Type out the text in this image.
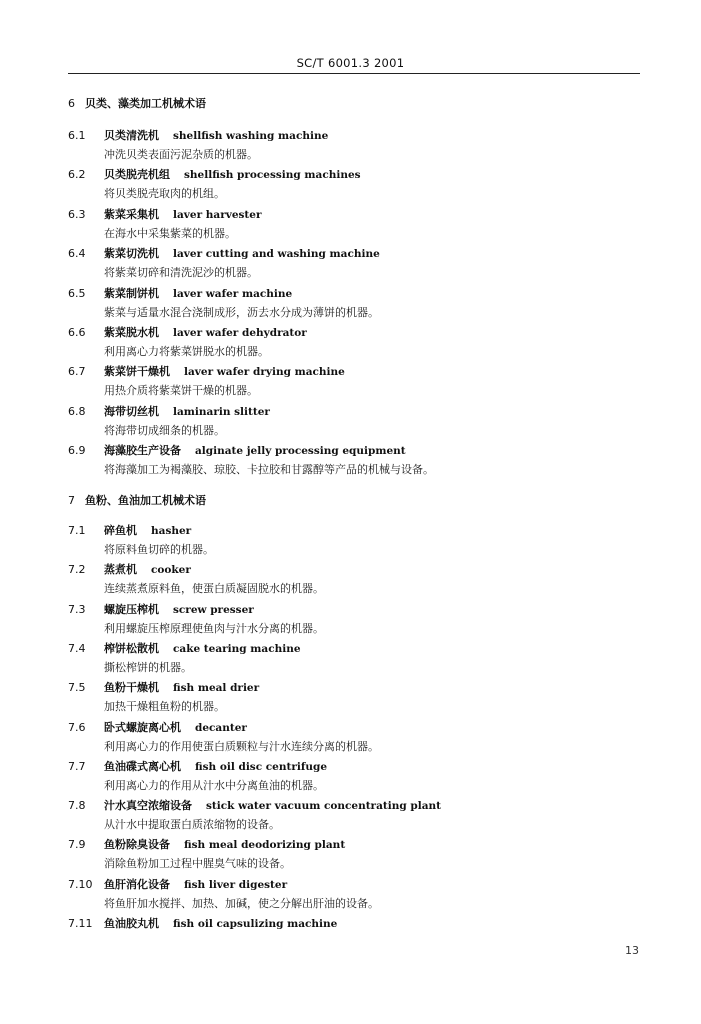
SC/T 6001.3 2001
6 贝类、藻类加工机械术语
6.1 贝类清洗机 shellfish washing machine
冲洗贝类表面污泥杂质的机器。
6.2 贝类脱壳机组 shellfish processing machines
将贝类脱壳取肉的机组。
6.3 紫菜采集机 laver harvester
在海水中采集紫菜的机器。
6.4 紫菜切洗机 laver cutting and washing machine
将紫菜切碎和清洗泥沙的机器。
6.5 紫菜制饼机 laver wafer machine
紫菜与适量水混合浇制成形，沥去水分成为薄饼的机器。
6.6 紫菜脱水机 laver wafer dehydrator
利用离心力将紫菜饼脱水的机器。
6.7 紫菜饼干燥机 laver wafer drying machine
用热介质将紫菜饼干燥的机器。
6.8 海带切丝机 laminarin slitter
将海带切成细条的机器。
6.9 海藻胶生产设备 alginate jelly processing equipment
将海藻加工为褐藻胶、琼胶、卡拉胶和甘露醇等产品的机械与设备。
7 鱼粉、鱼油加工机械术语
7.1 碎鱼机 hasher
将原料鱼切碎的机器。
7.2 蒸煮机 cooker
连续蒸煮原料鱼，使蛋白质凝固脱水的机器。
7.3 螺旋压榨机 screw presser
利用螺旋压榨原理使鱼肉与汁水分离的机器。
7.4 榨饼松散机 cake tearing machine
撕松榨饼的机器。
7.5 鱼粉干燥机 fish meal drier
加热干燥粗鱼粉的机器。
7.6 卧式螺旋离心机 decanter
利用离心力的作用使蛋白质颗粒与汁水连续分离的机器。
7.7 鱼油碟式离心机 fish oil disc centrifuge
利用离心力的作用从汁水中分离鱼油的机器。
7.8 汁水真空浓缩设备 stick water vacuum concentrating plant
从汁水中提取蛋白质浓缩物的设备。
7.9 鱼粉除臭设备 fish meal deodorizing plant
消除鱼粉加工过程中腥臭气味的设备。
7.10 鱼肝消化设备 fish liver digester
将鱼肝加水搅拌、加热、加碱，使之分解出肝油的设备。
7.11 鱼油胶丸机 fish oil capsulizing machine
13
